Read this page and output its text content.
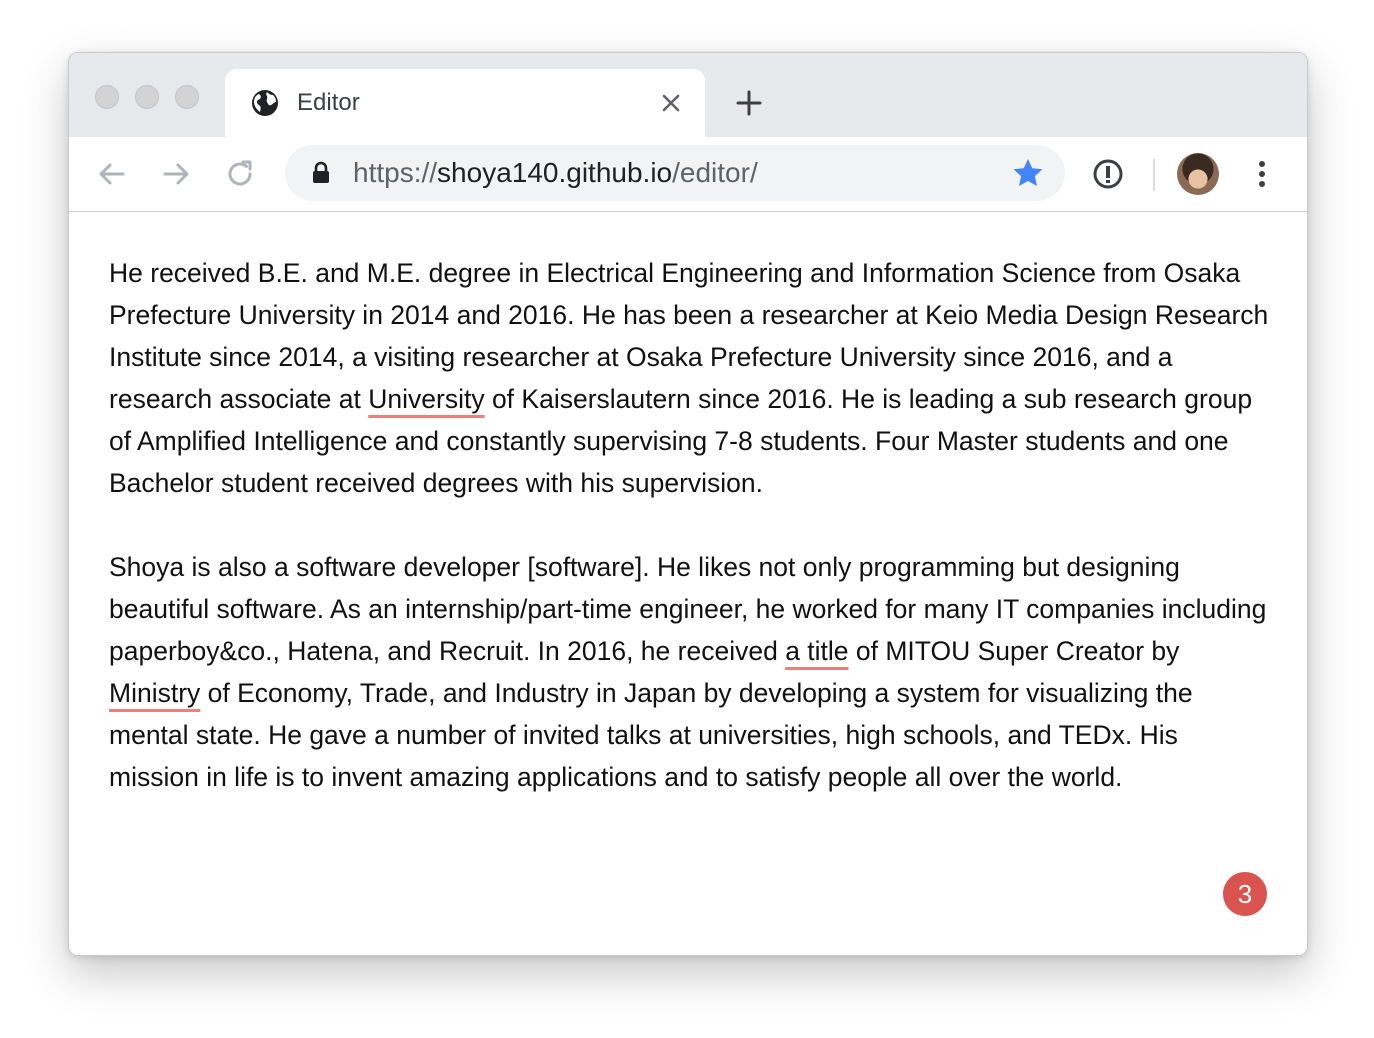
Editor
https://shoya140.github.io/editor/

He received B.E. and M.E. degree in Electrical Engineering and Information Science from Osaka Prefecture University in 2014 and 2016. He has been a researcher at Keio Media Design Research Institute since 2014, a visiting researcher at Osaka Prefecture University since 2016, and a research associate at University of Kaiserslautern since 2016. He is leading a sub research group of Amplified Intelligence and constantly supervising 7-8 students. Four Master students and one Bachelor student received degrees with his supervision.

Shoya is also a software developer [software]. He likes not only programming but designing beautiful software. As an internship/part-time engineer, he worked for many IT companies including paperboy&co., Hatena, and Recruit. In 2016, he received a title of MITOU Super Creator by Ministry of Economy, Trade, and Industry in Japan by developing a system for visualizing the mental state. He gave a number of invited talks at universities, high schools, and TEDx. His mission in life is to invent amazing applications and to satisfy people all over the world.

3
